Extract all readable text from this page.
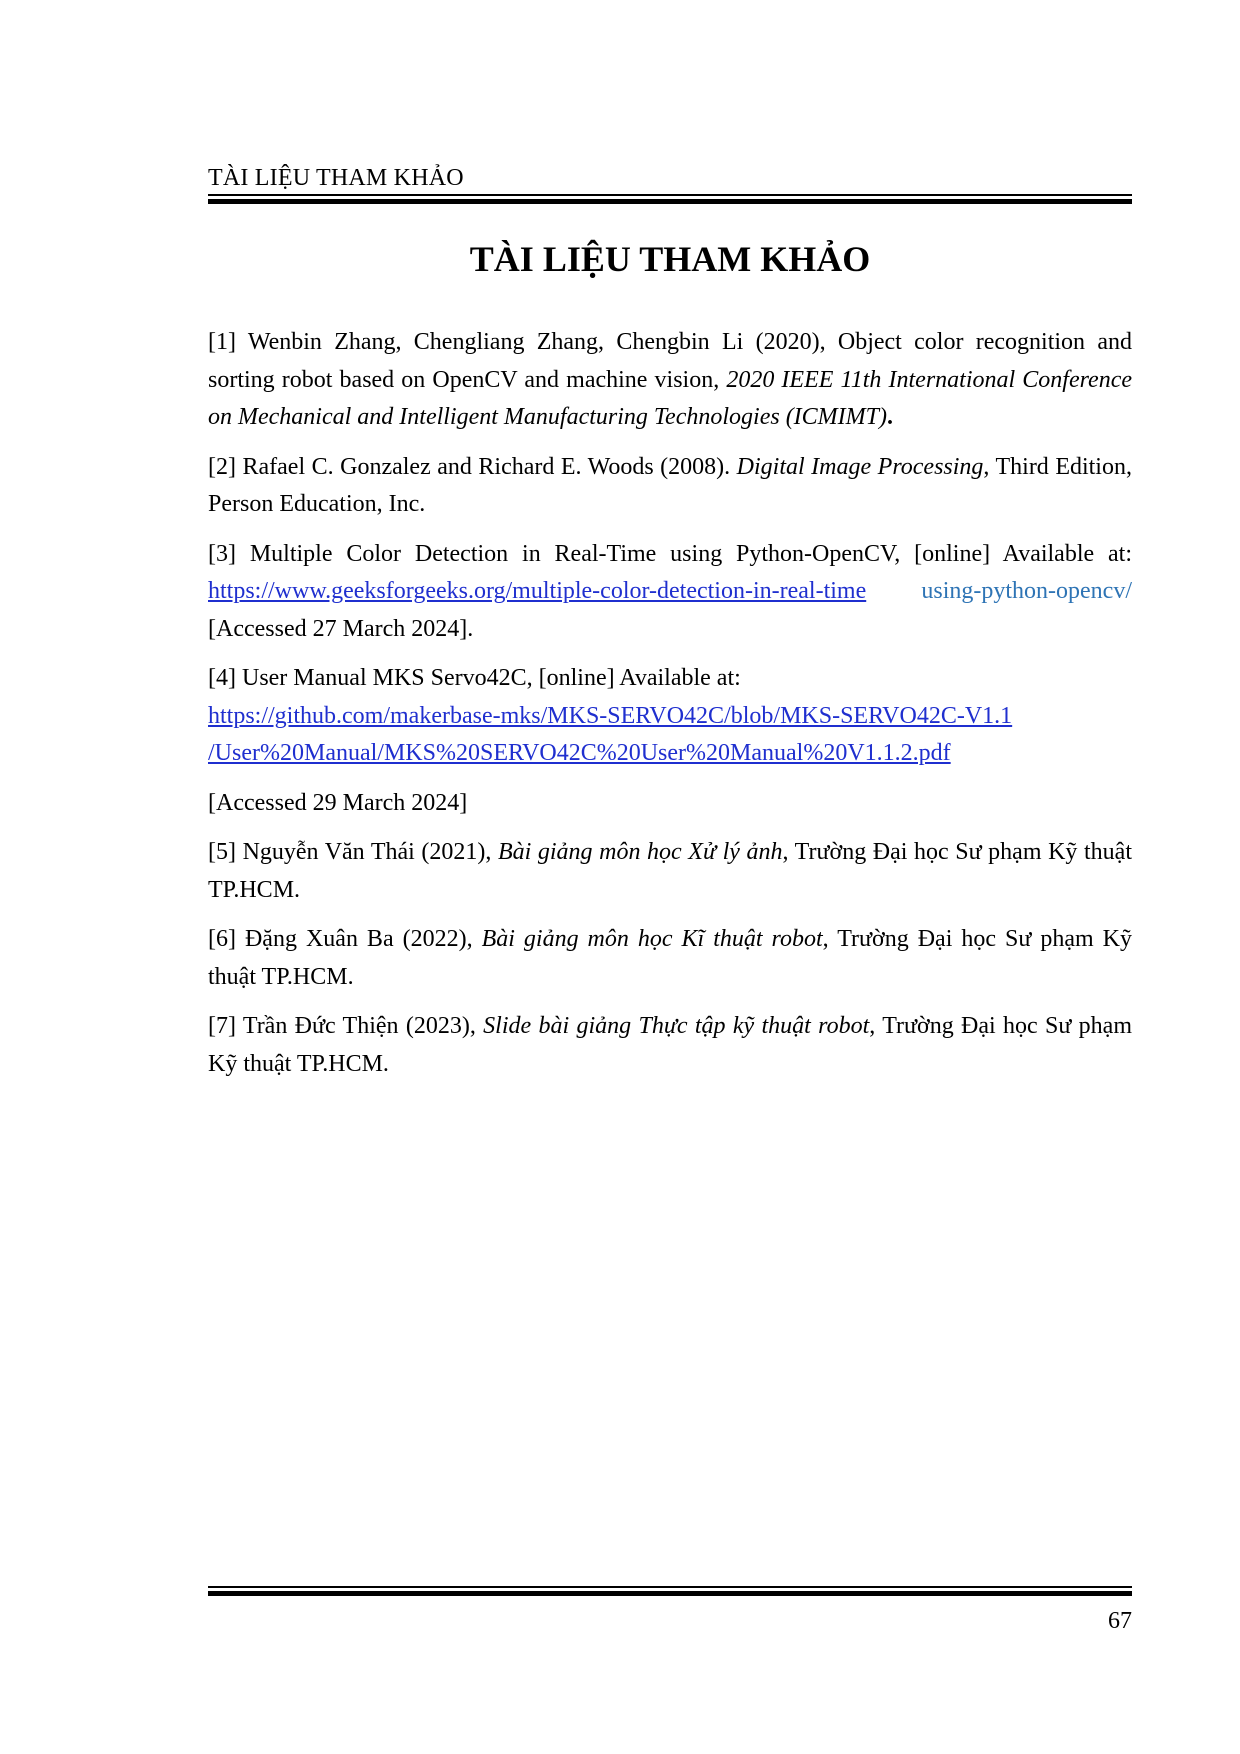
TÀI LIỆU THAM KHẢO
TÀI LIỆU THAM KHẢO

[1] Wenbin Zhang, Chengliang Zhang, Chengbin Li (2020), Object color recognition and sorting robot based on OpenCV and machine vision, 2020 IEEE 11th International Conference on Mechanical and Intelligent Manufacturing Technologies (ICMIMT).

[2] Rafael C. Gonzalez and Richard E. Woods (2008). Digital Image Processing, Third Edition, Person Education, Inc.

[3] Multiple Color Detection in Real-Time using Python-OpenCV, [online] Available at: https://www.geeksforgeeks.org/multiple-color-detection-in-real-time using-python-opencv/ [Accessed 27 March 2024].

[4] User Manual MKS Servo42C, [online] Available at:
https://github.com/makerbase-mks/MKS-SERVO42C/blob/MKS-SERVO42C-V1.1
/User%20Manual/MKS%20SERVO42C%20User%20Manual%20V1.1.2.pdf

[Accessed 29 March 2024]

[5] Nguyễn Văn Thái (2021), Bài giảng môn học Xử lý ảnh, Trường Đại học Sư phạm Kỹ thuật TP.HCM.

[6] Đặng Xuân Ba (2022), Bài giảng môn học Kĩ thuật robot, Trường Đại học Sư phạm Kỹ thuật TP.HCM.

[7] Trần Đức Thiện (2023), Slide bài giảng Thực tập kỹ thuật robot, Trường Đại học Sư phạm Kỹ thuật TP.HCM.

67
